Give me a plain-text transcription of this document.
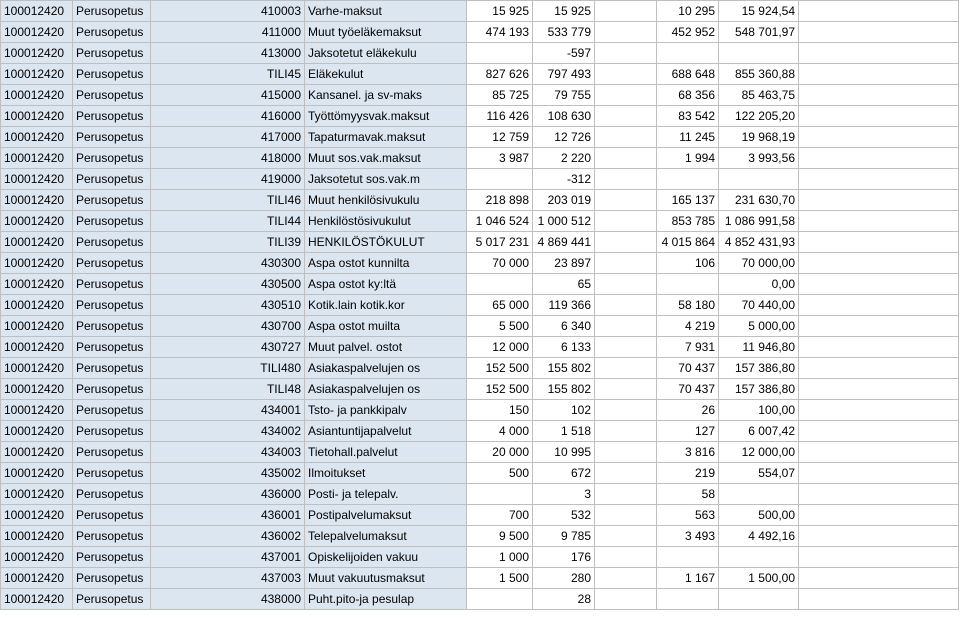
100012420	Perusopetus	410003	Varhe-maksut	15 925	15 925		10 295	15 924,54	
100012420	Perusopetus	411000	Muut työeläkemaksut	474 193	533 779		452 952	548 701,97	
100012420	Perusopetus	413000	Jaksotetut eläkekulu		-597				
100012420	Perusopetus	TILI45	Eläkekulut	827 626	797 493		688 648	855 360,88	
100012420	Perusopetus	415000	Kansanel. ja sv-maks	85 725	79 755		68 356	85 463,75	
100012420	Perusopetus	416000	Työttömyysvak.maksut	116 426	108 630		83 542	122 205,20	
100012420	Perusopetus	417000	Tapaturmavak.maksut	12 759	12 726		11 245	19 968,19	
100012420	Perusopetus	418000	Muut sos.vak.maksut	3 987	2 220		1 994	3 993,56	
100012420	Perusopetus	419000	Jaksotetut sos.vak.m		-312				
100012420	Perusopetus	TILI46	Muut henkilösivukulu	218 898	203 019		165 137	231 630,70	
100012420	Perusopetus	TILI44	Henkilöstösivukulut	1 046 524	1 000 512		853 785	1 086 991,58	
100012420	Perusopetus	TILI39	HENKILÖSTÖKULUT	5 017 231	4 869 441		4 015 864	4 852 431,93	
100012420	Perusopetus	430300	Aspa ostot kunnilta	70 000	23 897		106	70 000,00	
100012420	Perusopetus	430500	Aspa ostot ky:ltä		65			0,00	
100012420	Perusopetus	430510	Kotik.lain kotik.kor	65 000	119 366		58 180	70 440,00	
100012420	Perusopetus	430700	Aspa ostot muilta	5 500	6 340		4 219	5 000,00	
100012420	Perusopetus	430727	Muut palvel. ostot	12 000	6 133		7 931	11 946,80	
100012420	Perusopetus	TILI480	Asiakaspalvelujen os	152 500	155 802		70 437	157 386,80	
100012420	Perusopetus	TILI48	Asiakaspalvelujen os	152 500	155 802		70 437	157 386,80	
100012420	Perusopetus	434001	Tsto- ja pankkipalv	150	102		26	100,00	
100012420	Perusopetus	434002	Asiantuntijapalvelut	4 000	1 518		127	6 007,42	
100012420	Perusopetus	434003	Tietohall.palvelut	20 000	10 995		3 816	12 000,00	
100012420	Perusopetus	435002	Ilmoitukset	500	672		219	554,07	
100012420	Perusopetus	436000	Posti- ja telepalv.		3		58		
100012420	Perusopetus	436001	Postipalvelumaksut	700	532		563	500,00	
100012420	Perusopetus	436002	Telepalvelumaksut	9 500	9 785		3 493	4 492,16	
100012420	Perusopetus	437001	Opiskelijoiden vakuu	1 000	176				
100012420	Perusopetus	437003	Muut vakuutusmaksut	1 500	280		1 167	1 500,00	
100012420	Perusopetus	438000	Puht.pito-ja pesulap		28				
